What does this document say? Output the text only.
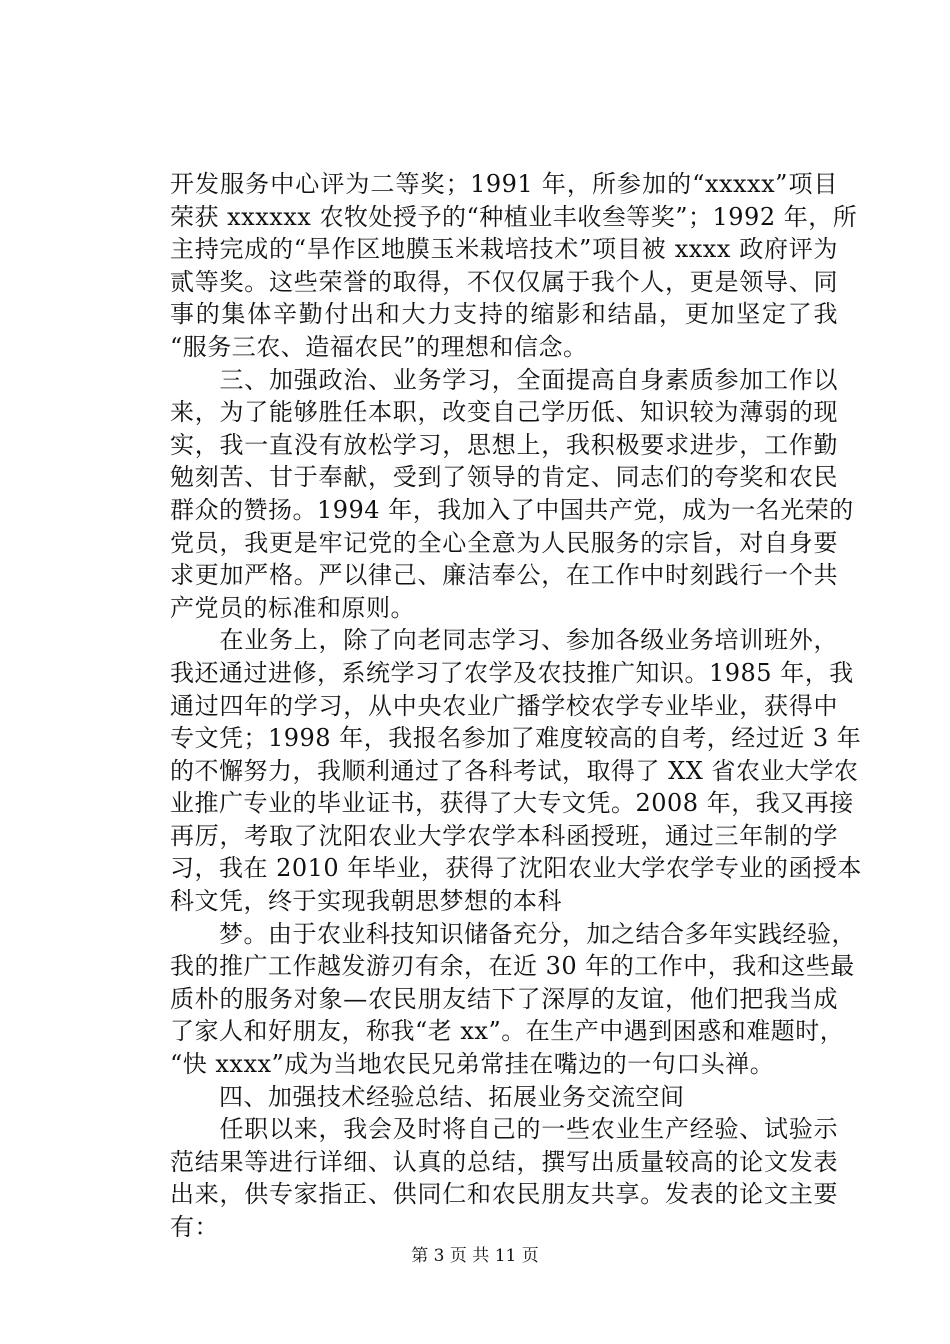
开发服务中心评为二等奖；1991 年，所参加的“xxxxx”项目
荣获 xxxxxx 农牧处授予的“种植业丰收叁等奖”；1992 年，所
主持完成的“旱作区地膜玉米栽培技术”项目被 xxxx 政府评为
贰等奖。这些荣誉的取得，不仅仅属于我个人，更是领导、同
事的集体辛勤付出和大力支持的缩影和结晶，更加坚定了我
“服务三农、造福农民”的理想和信念。
　　三、加强政治、业务学习，全面提高自身素质参加工作以
来，为了能够胜任本职，改变自己学历低、知识较为薄弱的现
实，我一直没有放松学习，思想上，我积极要求进步，工作勤
勉刻苦、甘于奉献，受到了领导的肯定、同志们的夸奖和农民
群众的赞扬。1994 年，我加入了中国共产党，成为一名光荣的
党员，我更是牢记党的全心全意为人民服务的宗旨，对自身要
求更加严格。严以律己、廉洁奉公，在工作中时刻践行一个共
产党员的标准和原则。
　　在业务上，除了向老同志学习、参加各级业务培训班外，
我还通过进修，系统学习了农学及农技推广知识。1985 年，我
通过四年的学习，从中央农业广播学校农学专业毕业，获得中
专文凭；1998 年，我报名参加了难度较高的自考，经过近 3 年
的不懈努力，我顺利通过了各科考试，取得了 XX 省农业大学农
业推广专业的毕业证书，获得了大专文凭。2008 年，我又再接
再厉，考取了沈阳农业大学农学本科函授班，通过三年制的学
习，我在 2010 年毕业，获得了沈阳农业大学农学专业的函授本
科文凭，终于实现我朝思梦想的本科
　　梦。由于农业科技知识储备充分，加之结合多年实践经验，
我的推广工作越发游刃有余，在近 30 年的工作中，我和这些最
质朴的服务对象—农民朋友结下了深厚的友谊，他们把我当成
了家人和好朋友，称我“老 xx”。在生产中遇到困惑和难题时，
“快 xxxx”成为当地农民兄弟常挂在嘴边的一句口头禅。
　　四、加强技术经验总结、拓展业务交流空间
　　任职以来，我会及时将自己的一些农业生产经验、试验示
范结果等进行详细、认真的总结，撰写出质量较高的论文发表
出来，供专家指正、供同仁和农民朋友共享。发表的论文主要
有：
第 3 页 共 11 页
